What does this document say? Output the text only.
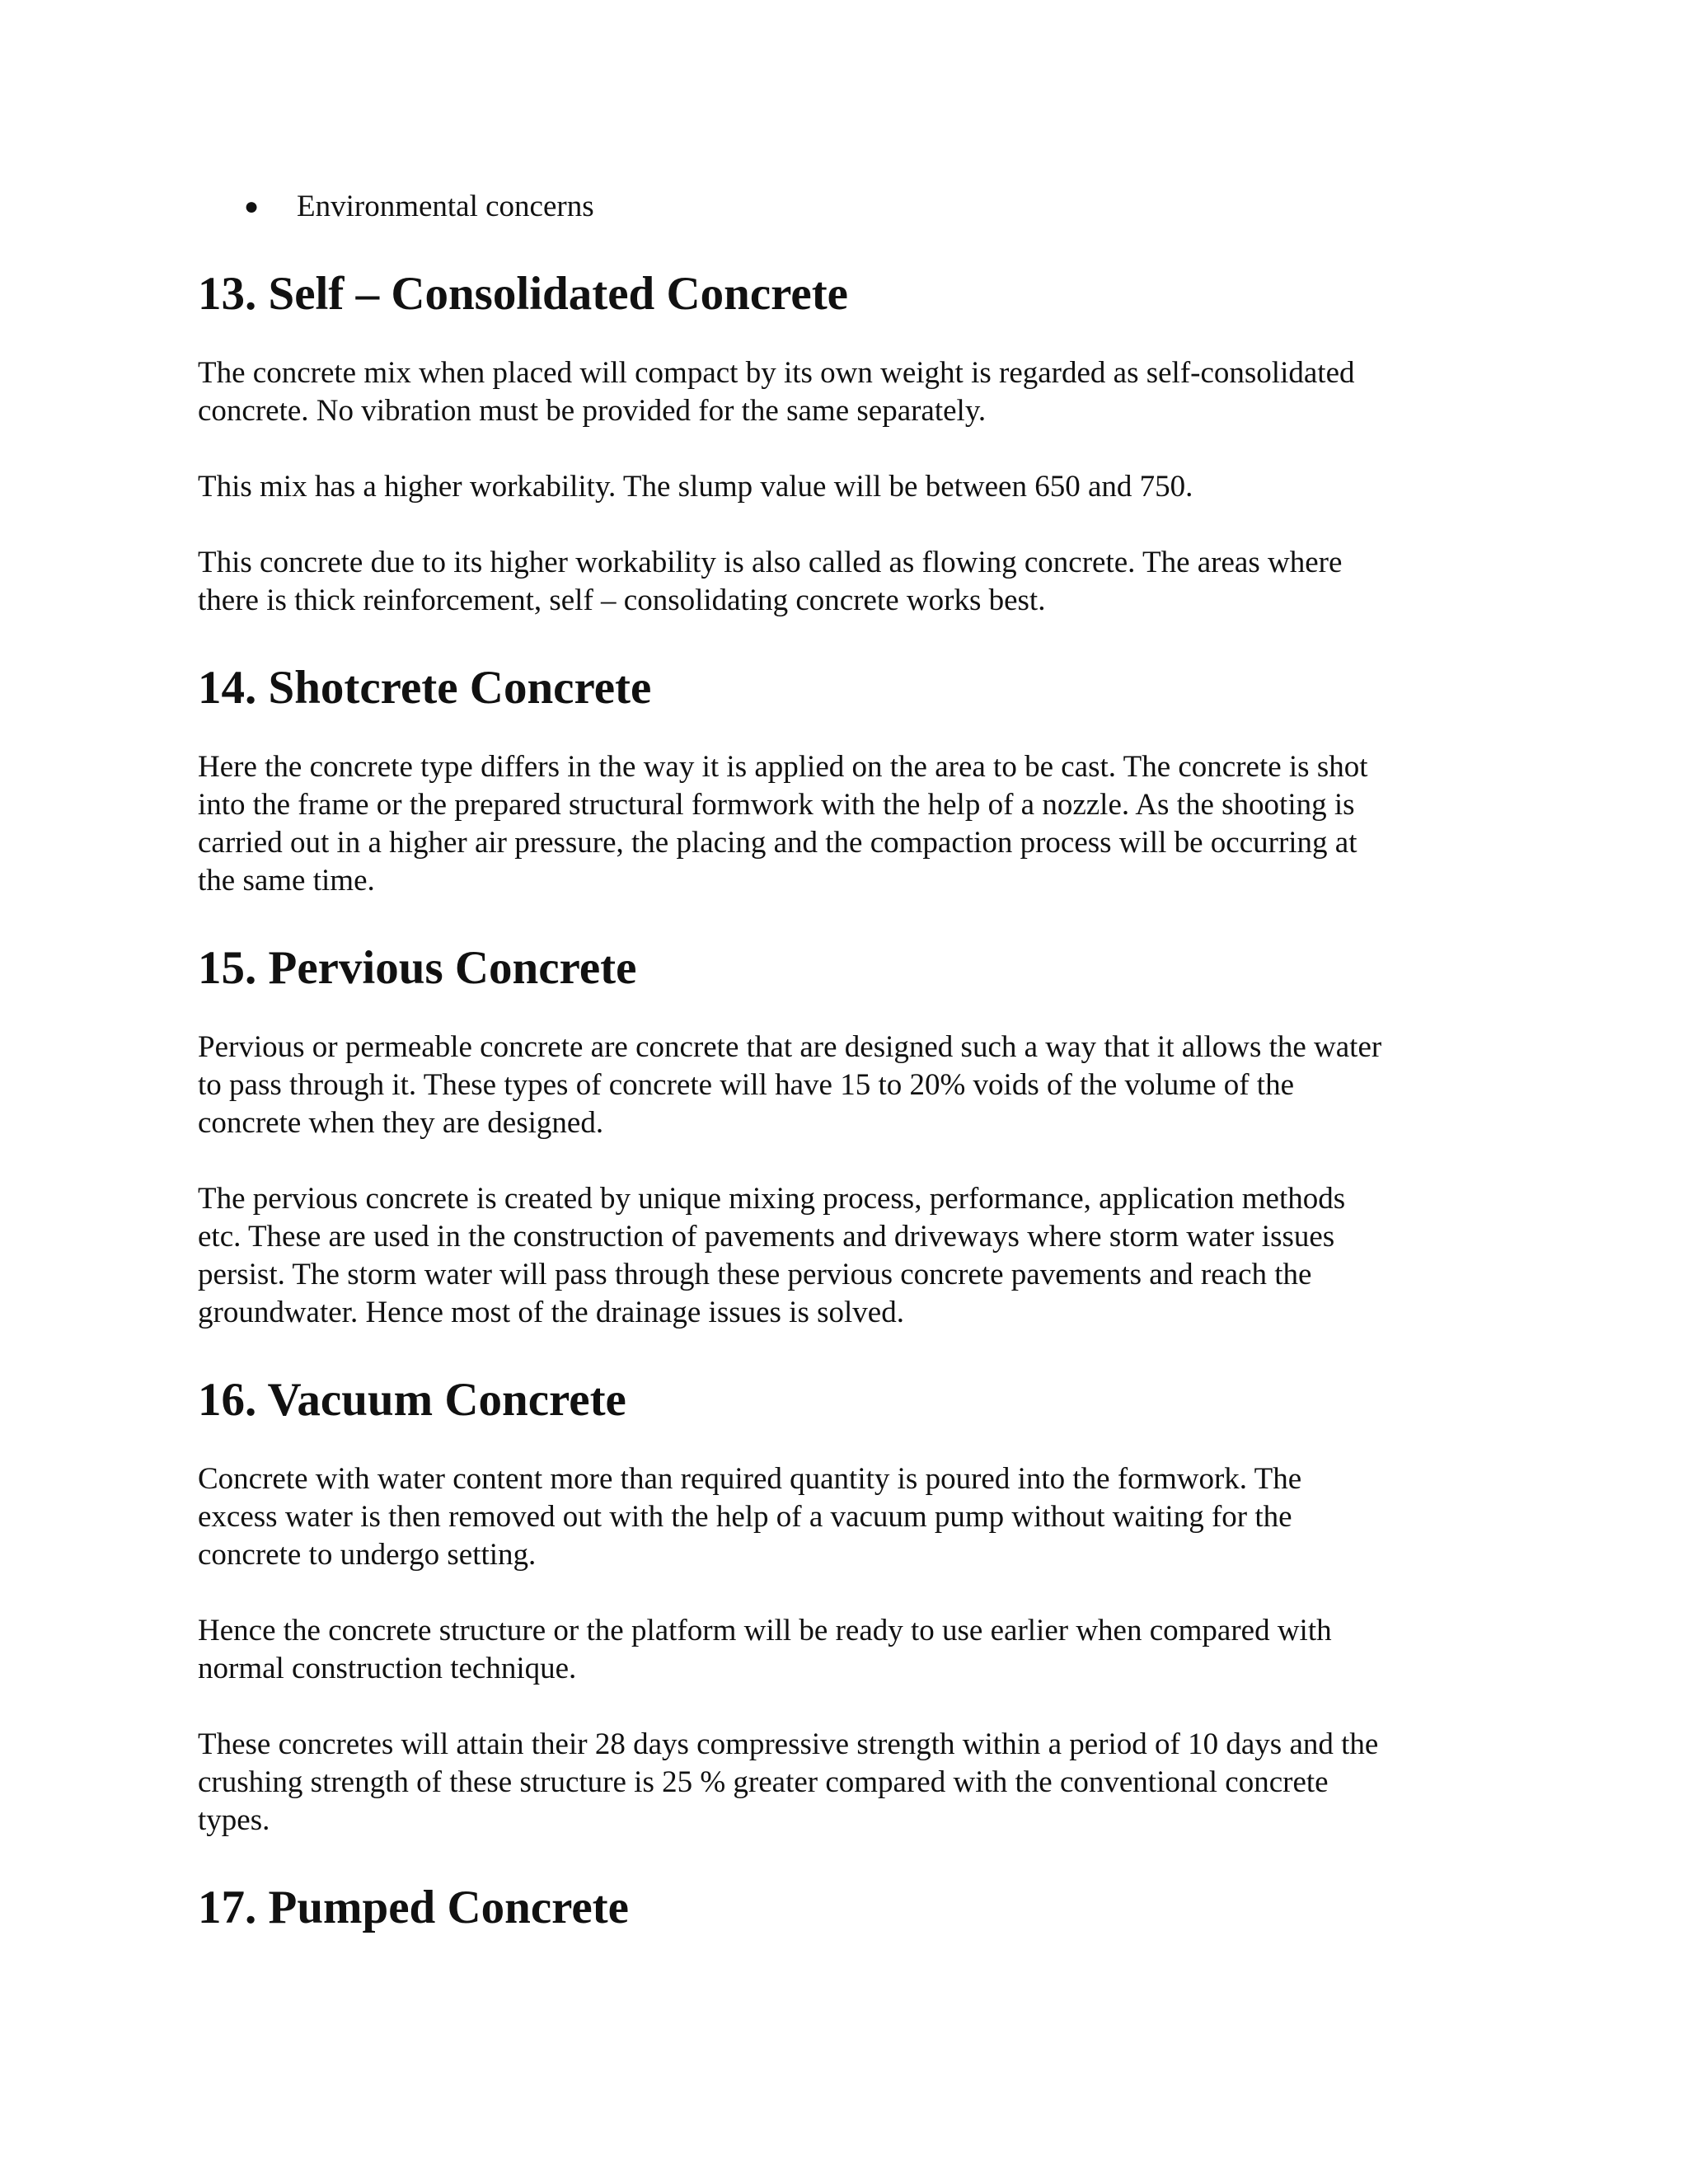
● Environmental concerns
13. Self – Consolidated Concrete

The concrete mix when placed will compact by its own weight is regarded as self-consolidated
concrete. No vibration must be provided for the same separately.

This mix has a higher workability. The slump value will be between 650 and 750.

This concrete due to its higher workability is also called as flowing concrete. The areas where
there is thick reinforcement, self – consolidating concrete works best.

14. Shotcrete Concrete

Here the concrete type differs in the way it is applied on the area to be cast. The concrete is shot
into the frame or the prepared structural formwork with the help of a nozzle. As the shooting is
carried out in a higher air pressure, the placing and the compaction process will be occurring at
the same time.

15. Pervious Concrete

Pervious or permeable concrete are concrete that are designed such a way that it allows the water
to pass through it. These types of concrete will have 15 to 20% voids of the volume of the
concrete when they are designed.

The pervious concrete is created by unique mixing process, performance, application methods
etc. These are used in the construction of pavements and driveways where storm water issues
persist. The storm water will pass through these pervious concrete pavements and reach the
groundwater. Hence most of the drainage issues is solved.

16. Vacuum Concrete

Concrete with water content more than required quantity is poured into the formwork. The
excess water is then removed out with the help of a vacuum pump without waiting for the
concrete to undergo setting.

Hence the concrete structure or the platform will be ready to use earlier when compared with
normal construction technique.

These concretes will attain their 28 days compressive strength within a period of 10 days and the
crushing strength of these structure is 25 % greater compared with the conventional concrete
types.

17. Pumped Concrete
